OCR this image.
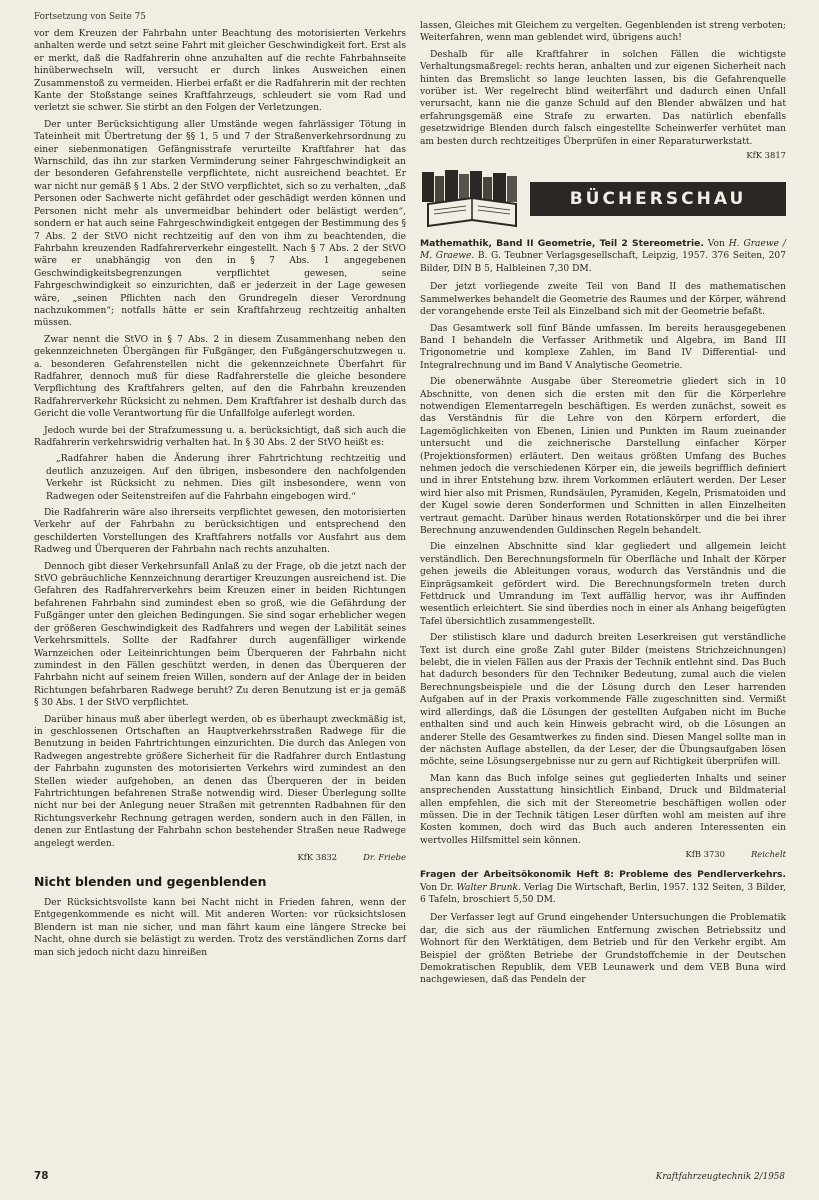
Fortsetzung von Seite 75

vor dem Kreuzen der Fahrbahn unter Beachtung des motorisierten Verkehrs anhalten werde und setzt seine Fahrt mit gleicher Geschwindigkeit fort. Erst als er merkt, daß die Radfahrerin ohne anzuhalten auf die rechte Fahrbahnseite hinüberwechseln will, versucht er durch linkes Ausweichen einen Zusammenstoß zu vermeiden. Hierbei erfaßt er die Radfahrerin mit der rechten Kante der Stoßstange seines Kraftfahrzeugs, schleudert sie vom Rad und verletzt sie schwer. Sie stirbt an den Folgen der Verletzungen.

Der unter Berücksichtigung aller Umstände wegen fahrlässiger Tötung in Tateinheit mit Übertretung der §§ 1, 5 und 7 der Straßenverkehrsordnung zu einer siebenmonatigen Gefängnisstrafe verurteilte Kraftfahrer hat das Warnschild, das ihn zur starken Verminderung seiner Fahrgeschwindigkeit an der besonderen Gefahrenstelle verpflichtete, nicht ausreichend beachtet. Er war nicht nur gemäß § 1 Abs. 2 der StVO verpflichtet, sich so zu verhalten, „daß Personen oder Sachwerte nicht gefährdet oder geschädigt werden können und Personen nicht mehr als unvermeidbar behindert oder belästigt werden“, sondern er hat auch seine Fahrgeschwindigkeit entgegen der Bestimmung des § 7 Abs. 2 der StVO nicht rechtzeitig auf den von ihm zu beachtenden, die Fahrbahn kreuzenden Radfahrerverkehr eingestellt. Nach § 7 Abs. 2 der StVO wäre er unabhängig von den in § 7 Abs. 1 angegebenen Geschwindigkeitsbegrenzungen verpflichtet gewesen, seine Fahrgeschwindigkeit so einzurichten, daß er jederzeit in der Lage gewesen wäre, „seinen Pflichten nach den Grundregeln dieser Verordnung nachzukommen“; notfalls hätte er sein Kraftfahrzeug rechtzeitig anhalten müssen.

Zwar nennt die StVO in § 7 Abs. 2 in diesem Zusammenhang neben den gekennzeichneten Übergängen für Fußgänger, den Fußgängerschutzwegen u. a. besonderen Gefahrenstellen nicht die gekennzeichnete Überfahrt für Radfahrer, dennoch muß für diese Radfahrerstelle die gleiche besondere Verpflichtung des Kraftfahrers gelten, auf den die Fahrbahn kreuzenden Radfahrerverkehr Rücksicht zu nehmen. Dem Kraftfahrer ist deshalb durch das Gericht die volle Verantwortung für die Unfallfolge auferlegt worden.

Jedoch wurde bei der Strafzumessung u. a. berücksichtigt, daß sich auch die Radfahrerin verkehrswidrig verhalten hat. In § 30 Abs. 2 der StVO heißt es:

„Radfahrer haben die Änderung ihrer Fahrtrichtung rechtzeitig und deutlich anzuzeigen. Auf den übrigen, insbesondere den nachfolgenden Verkehr ist Rücksicht zu nehmen. Dies gilt insbesondere, wenn von Radwegen oder Seitenstreifen auf die Fahrbahn eingebogen wird.“

Die Radfahrerin wäre also ihrerseits verpflichtet gewesen, den motorisierten Verkehr auf der Fahrbahn zu berücksichtigen und entsprechend den geschilderten Vorstellungen des Kraftfahrers notfalls vor Ausfahrt aus dem Radweg und Überqueren der Fahrbahn nach rechts anzuhalten.

Dennoch gibt dieser Verkehrsunfall Anlaß zu der Frage, ob die jetzt nach der StVO gebräuchliche Kennzeichnung derartiger Kreuzungen ausreichend ist. Die Gefahren des Radfahrerverkehrs beim Kreuzen einer in beiden Richtungen befahrenen Fahrbahn sind zumindest eben so groß, wie die Gefährdung der Fußgänger unter den gleichen Bedingungen. Sie sind sogar erheblicher wegen der größeren Geschwindigkeit des Radfahrers und wegen der Labilität seines Verkehrsmittels. Sollte der Radfahrer durch augenfälliger wirkende Warnzeichen oder Leiteinrichtungen beim Überqueren der Fahrbahn nicht zumindest in den Fällen geschützt werden, in denen das Überqueren der Fahrbahn nicht auf seinem freien Willen, sondern auf der Anlage der in beiden Richtungen befahrbaren Radwege beruht? Zu deren Benutzung ist er ja gemäß § 30 Abs. 1 der StVO verpflichtet.

Darüber hinaus muß aber überlegt werden, ob es überhaupt zweckmäßig ist, in geschlossenen Ortschaften an Hauptverkehrsstraßen Radwege für die Benutzung in beiden Fahrtrichtungen einzurichten. Die durch das Anlegen von Radwegen angestrebte größere Sicherheit für die Radfahrer durch Entlastung der Fahrbahn zugunsten des motorisierten Verkehrs wird zumindest an den Stellen wieder aufgehoben, an denen das Überqueren der in beiden Fahrtrichtungen befahrenen Straße notwendig wird. Dieser Überlegung sollte nicht nur bei der Anlegung neuer Straßen mit getrennten Radbahnen für den Richtungsverkehr Rechnung getragen werden, sondern auch in den Fällen, in denen zur Entlastung der Fahrbahn schon bestehender Straßen neue Radwege angelegt werden.

KfK 3832	Dr. Friebe
Nicht blenden und gegenblenden

Der Rücksichtsvollste kann bei Nacht nicht in Frieden fahren, wenn der Entgegenkommende es nicht will. Mit anderen Worten: vor rücksichtslosen Blendern ist man nie sicher, und man fährt kaum eine längere Strecke bei Nacht, ohne durch sie belästigt zu werden. Trotz des verständlichen Zorns darf man sich jedoch nicht dazu hinreißen

lassen, Gleiches mit Gleichem zu vergelten. Gegenblenden ist streng verboten; Weiterfahren, wenn man geblendet wird, übrigens auch!

Deshalb für alle Kraftfahrer in solchen Fällen die wichtigste Verhaltungsmaßregel: rechts heran, anhalten und zur eigenen Sicherheit nach hinten das Bremslicht so lange leuchten lassen, bis die Gefahrenquelle vorüber ist. Wer regelrecht blind weiterfährt und dadurch einen Unfall verursacht, kann nie die ganze Schuld auf den Blender abwälzen und hat erfahrungsgemäß eine Strafe zu erwarten. Das natürlich ebenfalls gesetzwidrige Blenden durch falsch eingestellte Scheinwerfer verhütet man am besten durch rechtzeitiges Überprüfen in einer Reparaturwerkstatt.

KfK 3817
BÜCHERSCHAU
Mathemathik, Band II Geometrie, Teil 2 Stereometrie. Von H. Graewe / M. Graewe. B. G. Teubner Verlagsgesellschaft, Leipzig, 1957. 376 Seiten, 207 Bilder, DIN B 5, Halbleinen 7,30 DM.

Der jetzt vorliegende zweite Teil von Band II des mathematischen Sammelwerkes behandelt die Geometrie des Raumes und der Körper, während der vorangehende erste Teil als Einzelband sich mit der Geometrie befaßt.

Das Gesamtwerk soll fünf Bände umfassen. Im bereits herausgegebenen Band I behandeln die Verfasser Arithmetik und Algebra, im Band III Trigonometrie und komplexe Zahlen, im Band IV Differential- und Integralrechnung und im Band V Analytische Geometrie.

Die obenerwähnte Ausgabe über Stereometrie gliedert sich in 10 Abschnitte, von denen sich die ersten mit den für die Körperlehre notwendigen Elementarregeln beschäftigen. Es werden zunächst, soweit es das Verständnis für die Lehre von den Körpern erfordert, die Lagemöglichkeiten von Ebenen, Linien und Punkten im Raum zueinander untersucht und die zeichnerische Darstellung einfacher Körper (Projektionsformen) erläutert. Den weitaus größten Umfang des Buches nehmen jedoch die verschiedenen Körper ein, die jeweils begrifflich definiert und in ihrer Entstehung bzw. ihrem Vorkommen erläutert werden. Der Leser wird hier also mit Prismen, Rundsäulen, Pyramiden, Kegeln, Prismatoiden und der Kugel sowie deren Sonderformen und Schnitten in allen Einzelheiten vertraut gemacht. Darüber hinaus werden Rotationskörper und die bei ihrer Berechnung anzuwendenden Guldinschen Regeln behandelt.

Die einzelnen Abschnitte sind klar gegliedert und allgemein leicht verständlich. Den Berechnungsformeln für Oberfläche und Inhalt der Körper gehen jeweils die Ableitungen voraus, wodurch das Verständnis und die Einprägsamkeit gefördert wird. Die Berechnungsformeln treten durch Fettdruck und Umrandung im Text auffällig hervor, was ihr Auffinden wesentlich erleichtert. Sie sind überdies noch in einer als Anhang beigefügten Tafel übersichtlich zusammengestellt.

Der stilistisch klare und dadurch breiten Leserkreisen gut verständliche Text ist durch eine große Zahl guter Bilder (meistens Strichzeichnungen) belebt, die in vielen Fällen aus der Praxis der Technik entlehnt sind. Das Buch hat dadurch besonders für den Techniker Bedeutung, zumal auch die vielen Berechnungsbeispiele und die der Lösung durch den Leser harrenden Aufgaben auf in der Praxis vorkommende Fälle zugeschnitten sind. Vermißt wird allerdings, daß die Lösungen der gestellten Aufgaben nicht im Buche enthalten sind und auch kein Hinweis gebracht wird, ob die Lösungen an anderer Stelle des Gesamtwerkes zu finden sind. Diesen Mangel sollte man in der nächsten Auflage abstellen, da der Leser, der die Übungsaufgaben lösen möchte, seine Lösungsergebnisse nur zu gern auf Richtigkeit überprüfen will.

Man kann das Buch infolge seines gut gegliederten Inhalts und seiner ansprechenden Ausstattung hinsichtlich Einband, Druck und Bildmaterial allen empfehlen, die sich mit der Stereometrie beschäftigen wollen oder müssen. Die in der Technik tätigen Leser dürften wohl am meisten auf ihre Kosten kommen, doch wird das Buch auch anderen Interessenten ein wertvolles Hilfsmittel sein können.

KfB 3730	Reichelt
Fragen der Arbeitsökonomik Heft 8: Probleme des Pendlerverkehrs. Von Dr. Walter Brunk. Verlag Die Wirtschaft, Berlin, 1957. 132 Seiten, 3 Bilder, 6 Tafeln, broschiert 5,50 DM.

Der Verfasser legt auf Grund eingehender Untersuchungen die Problematik dar, die sich aus der räumlichen Entfernung zwischen Betriebssitz und Wohnort für den Werktätigen, dem Betrieb und für den Verkehr ergibt. Am Beispiel der größten Betriebe der Grundstoffchemie in der Deutschen Demokratischen Republik, dem VEB Leunawerk und dem VEB Buna wird nachgewiesen, daß das Pendeln der

78	Kraftfahrzeugtechnik 2/1958
